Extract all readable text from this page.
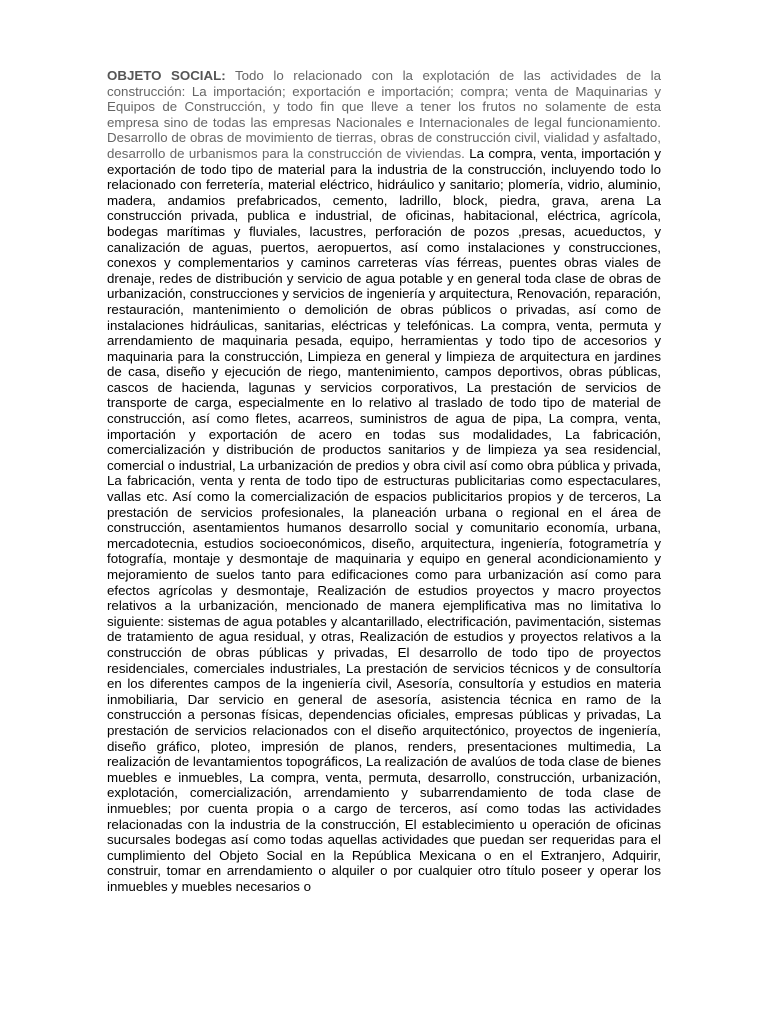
OBJETO SOCIAL: Todo lo relacionado con la explotación de las actividades de la construcción: La importación; exportación e importación; compra; venta de Maquinarias y Equipos de Construcción, y todo fin que lleve a tener los frutos no solamente de esta empresa sino de todas las empresas Nacionales e Internacionales de legal funcionamiento. Desarrollo de obras de movimiento de tierras, obras de construcción civil, vialidad y asfaltado, desarrollo de urbanismos para la construcción de viviendas. La compra, venta, importación y exportación de todo tipo de material para la industria de la construcción, incluyendo todo lo relacionado con ferretería, material eléctrico, hidráulico y sanitario; plomería, vidrio, aluminio, madera, andamios prefabricados, cemento, ladrillo, block, piedra, grava, arena La construcción privada, publica e industrial, de oficinas, habitacional, eléctrica, agrícola, bodegas marítimas y fluviales, lacustres, perforación de pozos ,presas, acueductos, y canalización de aguas, puertos, aeropuertos, así como instalaciones y construcciones, conexos y complementarios y caminos carreteras vías férreas, puentes obras viales de drenaje, redes de distribución y servicio de agua potable y en general toda clase de obras de urbanización, construcciones y servicios de ingeniería y arquitectura, Renovación, reparación, restauración, mantenimiento o demolición de obras públicos o privadas, así como de instalaciones hidráulicas, sanitarias, eléctricas y telefónicas. La compra, venta, permuta y arrendamiento de maquinaria pesada, equipo, herramientas y todo tipo de accesorios y maquinaria para la construcción, Limpieza en general y limpieza de arquitectura en jardines de casa, diseño y ejecución de riego, mantenimiento, campos deportivos, obras públicas, cascos de hacienda, lagunas y servicios corporativos, La prestación de servicios de transporte de carga, especialmente en lo relativo al traslado de todo tipo de material de construcción, así como fletes, acarreos, suministros de agua de pipa, La compra, venta, importación y exportación de acero en todas sus modalidades, La fabricación, comercialización y distribución de productos sanitarios y de limpieza ya sea residencial, comercial o industrial, La urbanización de predios y obra civil así como obra pública y privada, La fabricación, venta y renta de todo tipo de estructuras publicitarias como espectaculares, vallas etc. Así como la comercialización de espacios publicitarios propios y de terceros, La prestación de servicios profesionales, la planeación urbana o regional en el área de construcción, asentamientos humanos desarrollo social y comunitario economía, urbana, mercadotecnia, estudios socioeconómicos, diseño, arquitectura, ingeniería, fotogrametría y fotografía, montaje y desmontaje de maquinaria y equipo en general acondicionamiento y mejoramiento de suelos tanto para edificaciones como para urbanización así como para efectos agrícolas y desmontaje, Realización de estudios proyectos y macro proyectos relativos a la urbanización, mencionado de manera ejemplificativa mas no limitativa lo siguiente: sistemas de agua potables y alcantarillado, electrificación, pavimentación, sistemas de tratamiento de agua residual, y otras, Realización de estudios y proyectos relativos a la construcción de obras públicas y privadas, El desarrollo de todo tipo de proyectos residenciales, comerciales industriales, La prestación de servicios técnicos y de consultoría en los diferentes campos de la ingeniería civil, Asesoría, consultoría y estudios en materia inmobiliaria, Dar servicio en general de asesoría, asistencia técnica en ramo de la construcción a personas físicas, dependencias oficiales, empresas públicas y privadas, La prestación de servicios relacionados con el diseño arquitectónico, proyectos de ingeniería, diseño gráfico, ploteo, impresión de planos, renders, presentaciones multimedia, La realización de levantamientos topográficos, La realización de avalúos de toda clase de bienes muebles e inmuebles, La compra, venta, permuta, desarrollo, construcción, urbanización, explotación, comercialización, arrendamiento y subarrendamiento de toda clase de inmuebles; por cuenta propia o a cargo de terceros, así como todas las actividades relacionadas con la industria de la construcción, El establecimiento u operación de oficinas sucursales bodegas así como todas aquellas actividades que puedan ser requeridas para el cumplimiento del Objeto Social en la República Mexicana o en el Extranjero, Adquirir, construir, tomar en arrendamiento o alquiler o por cualquier otro título poseer y operar los inmuebles y muebles necesarios o
